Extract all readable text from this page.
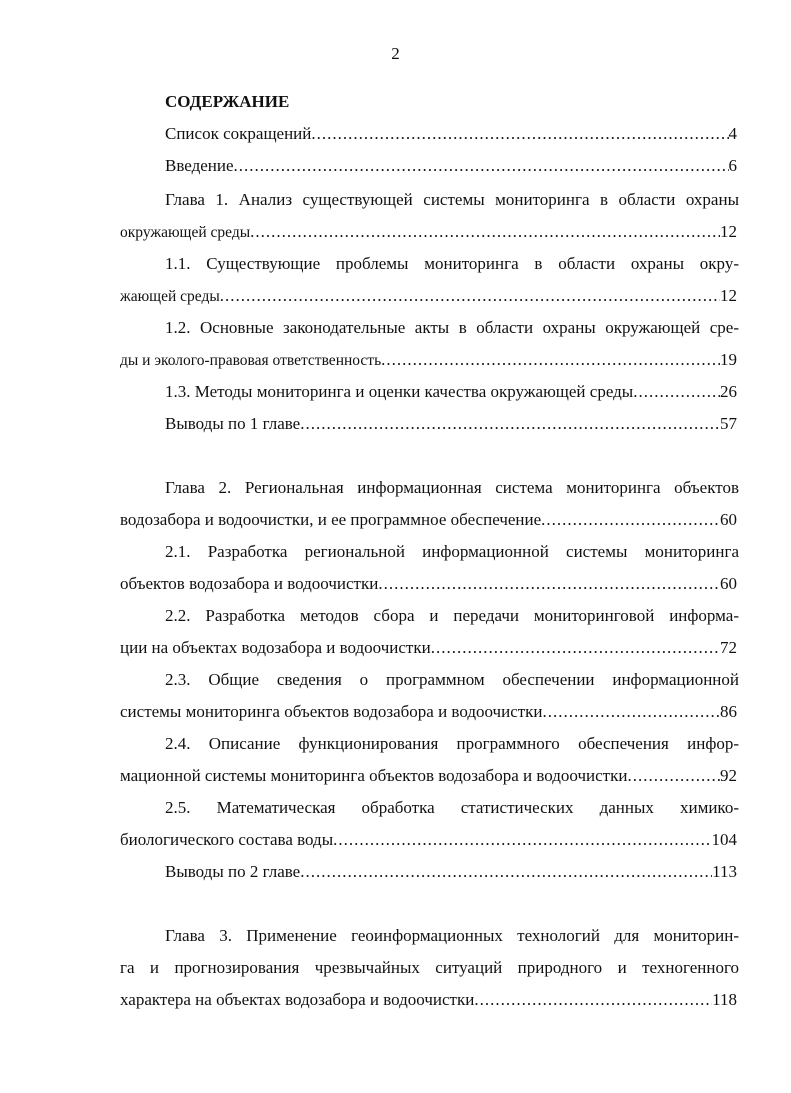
2
СОДЕРЖАНИЕ
Список сокращений .....	4
Введение .....	6
Глава 1. Анализ существующей системы мониторинга в области охраны
окружающей среды .....	12
1.1. Существующие проблемы мониторинга в области охраны окру-
жающей среды .....	12
1.2. Основные законодательные акты в области охраны окружающей сре-
ды и эколого-правовая ответственность .....	19
1.3. Методы мониторинга и оценки качества окружающей среды .....	26
Выводы по 1 главе .....	57
Глава 2. Региональная информационная система мониторинга объектов
водозабора и водоочистки, и ее программное обеспечение .....	60
2.1. Разработка региональной информационной системы мониторинга
объектов водозабора и водоочистки .....	60
2.2. Разработка методов сбора и передачи мониторинговой информа-
ции на объектах водозабора и водоочистки .....	72
2.3. Общие сведения о программном обеспечении информационной
системы мониторинга объектов водозабора и водоочистки .....	86
2.4. Описание функционирования программного обеспечения инфор-
мационной системы мониторинга объектов водозабора и водоочистки .....	92
2.5. Математическая обработка статистических данных химико-
биологического состава воды .....	104
Выводы по 2 главе .....	113
Глава 3. Применение геоинформационных технологий для мониторин-
га и прогнозирования чрезвычайных ситуаций природного и техногенного
характера на объектах водозабора и водоочистки .....	118
